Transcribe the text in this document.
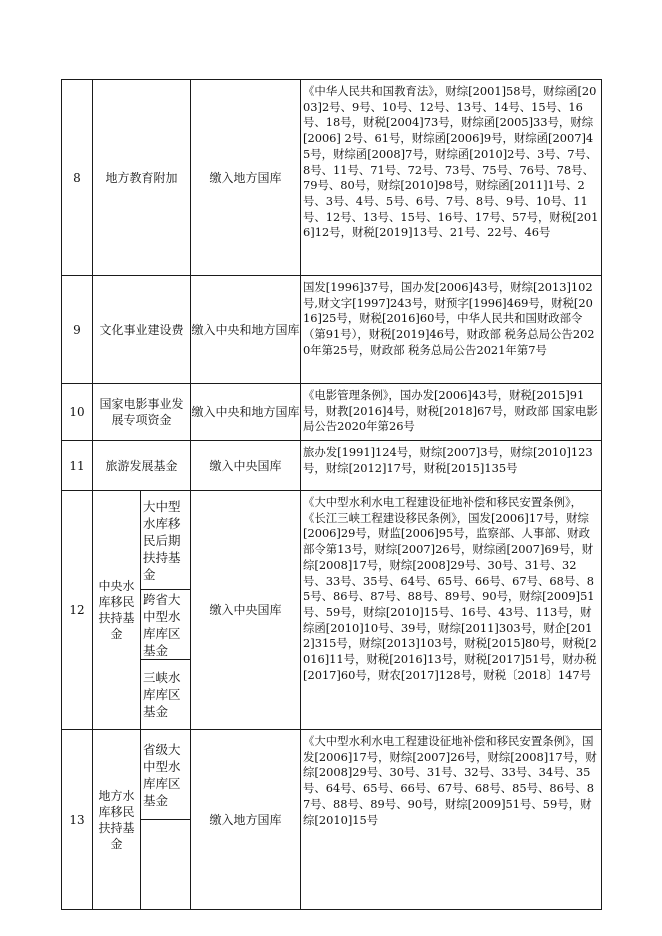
8	地方教育附加		缴入地方国库	《中华人民共和国教育法》，财综[2001]58号，财综函[2003]2号、9号、10号、12号、13号、14号、15号、16号、18号，财税[2004]73号，财综函[2005]33号，财综 [2006] 2号、61号，财综函[2006]9号，财综函[2007]45号，财综函[2008]7号，财综函[2010]2号、3号、7号、8号、11号、71号、72号、73号、75号、76号、78号、79号、80号，财综[2010]98号，财综函[2011]1号、2号、3号、4号、5号、6号、7号、8号、9号、10号、11号、12号、13号、15号、16号、17号、57号，财税[2016]12号，财税[2019]13号、21号、22号、46号
9	文化事业建设费		缴入中央和地方国库	国发[1996]37号，国办发[2006]43号，财综[2013]102号,财文字[1997]243号，财预字[1996]469号，财税[2016]25号，财税[2016]60号，中华人民共和国财政部令（第91号），财税[2019]46号，财政部 税务总局公告2020年第25号，财政部 税务总局公告2021年第7号
10	国家电影事业发展专项资金		缴入中央和地方国库	《电影管理条例》，国办发[2006]43号，财税[2015]91号，财教[2016]4号，财税[2018]67号，财政部 国家电影局公告2020年第26号
11	旅游发展基金		缴入中央国库	旅办发[1991]124号，财综[2007]3号，财综[2010]123号，财综[2012]17号，财税[2015]135号
12	中央水库移民扶持基金	大中型水库移民后期扶持基金	缴入中央国库	《大中型水利水电工程建设征地补偿和移民安置条例》，《长江三峡工程建设移民条例》，国发[2006]17号，财综[2006]29号，财监[2006]95号，监察部、人事部、财政部令第13号，财综[2007]26号，财综函[2007]69号，财综[2008]17号，财综[2008]29号、30号、31号、32号、33号、35号、64号、65号、66号、67号、68号、85号、86号、87号、88号、89号、90号，财综[2009]51号、59号，财综[2010]15号、16号、43号、113号，财综函[2010]10号、39号，财综[2011]303号，财企[2012]315号，财综[2013]103号，财税[2015]80号，财税[2016]11号，财税[2016]13号，财税[2017]51号，财办税[2017]60号，财农[2017]128号，财税〔2018〕147号
		跨省大中型水库库区基金		
		三峡水库库区基金		
13	地方水库移民扶持基金	省级大中型水库库区基金	缴入地方国库	《大中型水利水电工程建设征地补偿和移民安置条例》，国发[2006]17号，财综[2007]26号，财综[2008]17号，财综[2008]29号、30号、31号、32号、33号、34号、35号、64号、65号、66号、67号、68号、85号、86号、87号、88号、89号、90号，财综[2009]51号、59号，财综[2010]15号
